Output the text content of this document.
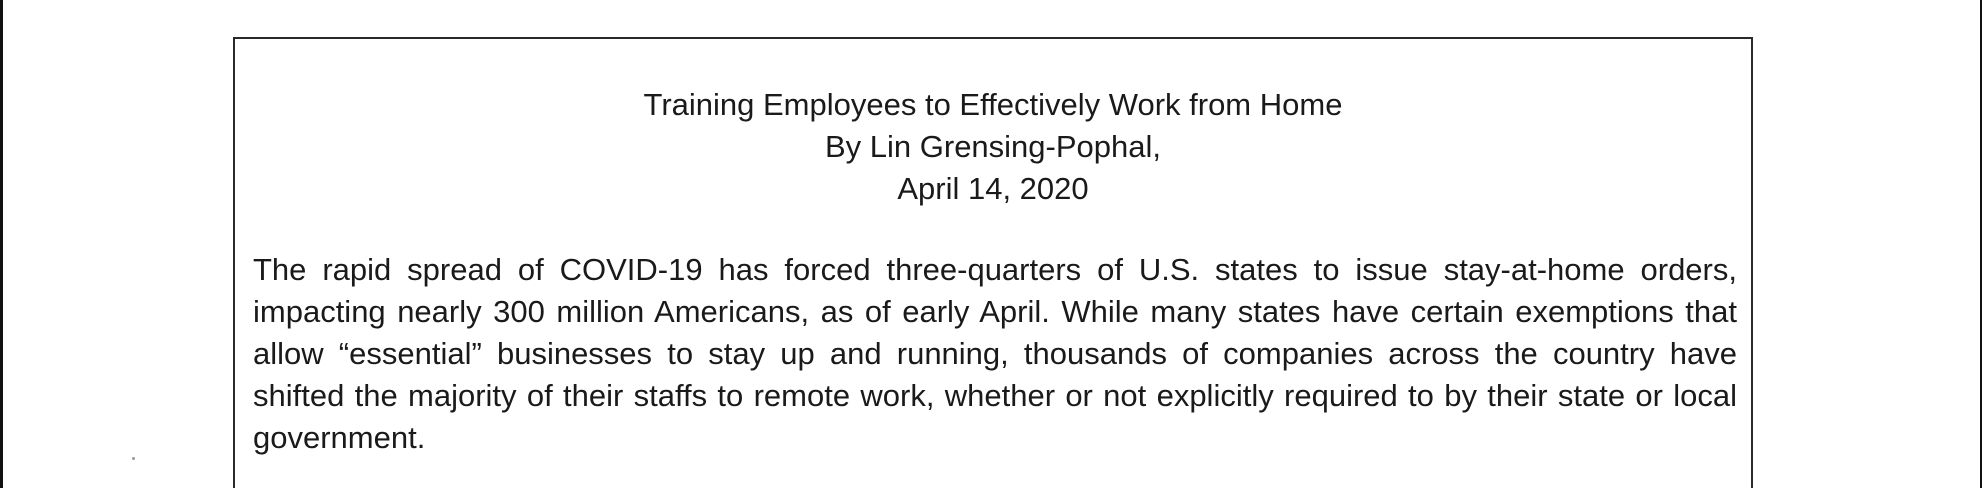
Training Employees to Effectively Work from Home
By Lin Grensing-Pophal,
April 14, 2020
The rapid spread of COVID-19 has forced three-quarters of U.S. states to issue stay-at-home orders, impacting nearly 300 million Americans, as of early April. While many states have certain exemptions that allow “essential” businesses to stay up and running, thousands of companies across the country have shifted the majority of their staffs to remote work, whether or not explicitly required to by their state or local government.
